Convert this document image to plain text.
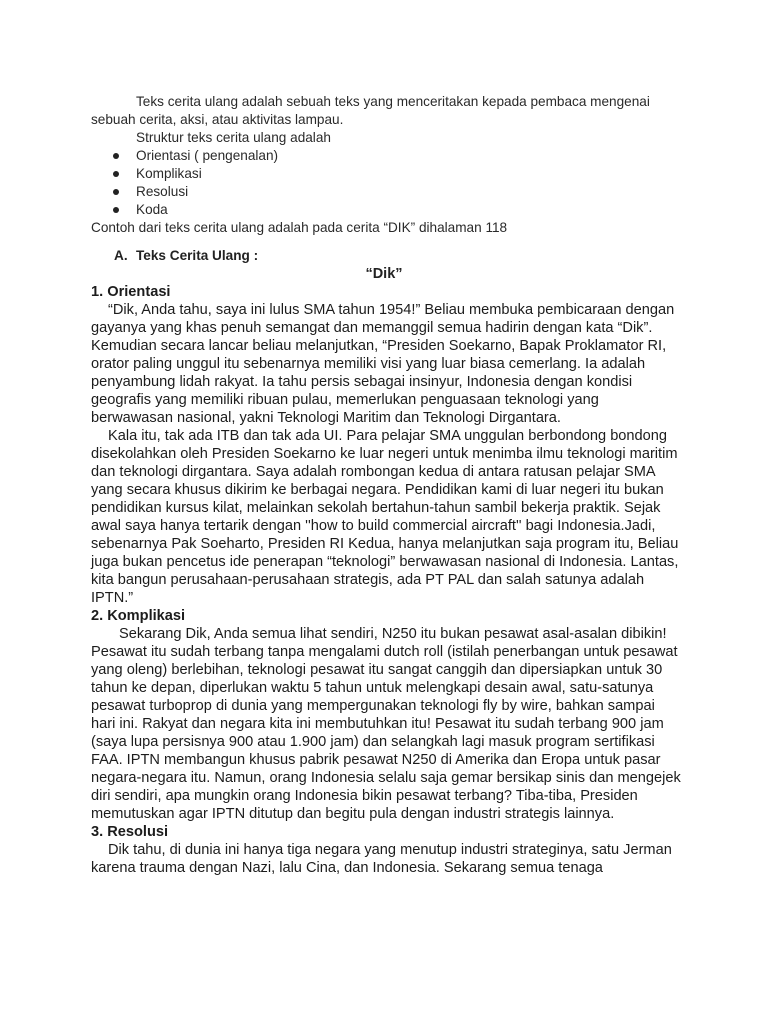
Teks cerita ulang adalah sebuah teks yang menceritakan kepada pembaca mengenai sebuah cerita, aksi, atau aktivitas lampau.

Struktur teks cerita ulang adalah

Orientasi ( pengenalan)
Komplikasi
Resolusi
Koda

Contoh dari teks cerita ulang adalah pada cerita “DIK” dihalaman 118

A. Teks Cerita Ulang :
“Dik”
1. Orientasi

“Dik, Anda tahu, saya ini lulus SMA tahun 1954!” Beliau membuka pembicaraan dengan gayanya yang khas penuh semangat dan memanggil semua hadirin dengan kata “Dik”. Kemudian secara lancar beliau melanjutkan, “Presiden Soekarno, Bapak Proklamator RI, orator paling unggul itu sebenarnya memiliki visi yang luar biasa cemerlang. Ia adalah penyambung lidah rakyat. Ia tahu persis sebagai insinyur, Indonesia dengan kondisi geografis yang memiliki ribuan pulau, memerlukan penguasaan teknologi yang berwawasan nasional, yakni Teknologi Maritim dan Teknologi Dirgantara.

Kala itu, tak ada ITB dan tak ada UI. Para pelajar SMA unggulan berbondong bondong disekolahkan oleh Presiden Soekarno ke luar negeri untuk menimba ilmu teknologi maritim dan teknologi dirgantara. Saya adalah rombongan kedua di antara ratusan pelajar SMA yang secara khusus dikirim ke berbagai negara. Pendidikan kami di luar negeri itu bukan pendidikan kursus kilat, melainkan sekolah bertahun-tahun sambil bekerja praktik. Sejak awal saya hanya tertarik dengan ''how to build commercial aircraft'' bagi Indonesia.Jadi, sebenarnya Pak Soeharto, Presiden RI Kedua, hanya melanjutkan saja program itu, Beliau juga bukan pencetus ide penerapan “teknologi” berwawasan nasional di Indonesia. Lantas, kita bangun perusahaan-perusahaan strategis, ada PT PAL dan salah satunya adalah IPTN.”

2. Komplikasi

Sekarang Dik, Anda semua lihat sendiri, N250 itu bukan pesawat asal-asalan dibikin! Pesawat itu sudah terbang tanpa mengalami dutch roll (istilah penerbangan untuk pesawat yang oleng) berlebihan, teknologi pesawat itu sangat canggih dan dipersiapkan untuk 30 tahun ke depan, diperlukan waktu 5 tahun untuk melengkapi desain awal, satu-satunya pesawat turboprop di dunia yang mempergunakan teknologi fly by wire, bahkan sampai hari ini. Rakyat dan negara kita ini membutuhkan itu! Pesawat itu sudah terbang 900 jam (saya lupa persisnya 900 atau 1.900 jam) dan selangkah lagi masuk program sertifikasi FAA. IPTN membangun khusus pabrik pesawat N250 di Amerika dan Eropa untuk pasar negara-negara itu. Namun, orang Indonesia selalu saja gemar bersikap sinis dan mengejek diri sendiri, apa mungkin orang Indonesia bikin pesawat terbang? Tiba-tiba, Presiden memutuskan agar IPTN ditutup dan begitu pula dengan industri strategis lainnya.

3. Resolusi

Dik tahu, di dunia ini hanya tiga negara yang menutup industri strateginya, satu Jerman karena trauma dengan Nazi, lalu Cina, dan Indonesia. Sekarang semua tenaga
